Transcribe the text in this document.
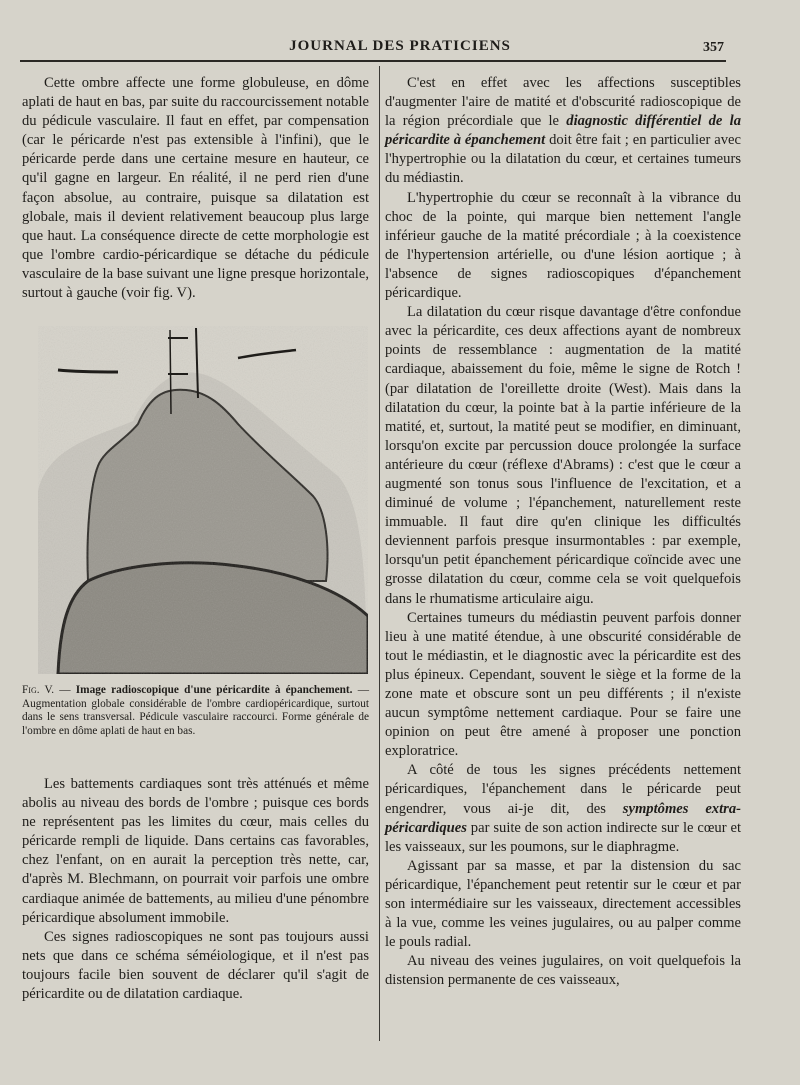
JOURNAL DES PRATICIENS	357

Cette ombre affecte une forme globuleuse, en dôme aplati de haut en bas, par suite du raccourcissement notable du pédicule vasculaire. Il faut en effet, par compensation (car le péricarde n'est pas extensible à l'infini), que le péricarde perde dans une certaine mesure en hauteur, ce qu'il gagne en largeur. En réalité, il ne perd rien d'une façon absolue, au contraire, puisque sa dilatation est globale, mais il devient relativement beaucoup plus large que haut. La conséquence directe de cette morphologie est que l'ombre cardio-péricardique se détache du pédicule vasculaire de la base suivant une ligne presque horizontale, surtout à gauche (voir fig. V).

Fig. V. — Image radioscopique d'une péricardite à épanchement. — Augmentation globale considérable de l'ombre cardiopéricardique, surtout dans le sens transversal. Pédicule vasculaire raccourci. Forme générale de l'ombre en dôme aplati de haut en bas.

Les battements cardiaques sont très atténués et même abolis au niveau des bords de l'ombre ; puisque ces bords ne représentent pas les limites du cœur, mais celles du péricarde rempli de liquide. Dans certains cas favorables, chez l'enfant, on en aurait la perception très nette, car, d'après M. Blechmann, on pourrait voir parfois une ombre cardiaque animée de battements, au milieu d'une pénombre péricardique absolument immobile.

Ces signes radioscopiques ne sont pas toujours aussi nets que dans ce schéma séméiologique, et il n'est pas toujours facile bien souvent de déclarer qu'il s'agit de péricardite ou de dilatation cardiaque.

C'est en effet avec les affections susceptibles d'augmenter l'aire de matité et d'obscurité radioscopique de la région précordiale que le diagnostic différentiel de la péricardite à épanchement doit être fait ; en particulier avec l'hypertrophie ou la dilatation du cœur, et certaines tumeurs du médiastin.

L'hypertrophie du cœur se reconnaît à la vibrance du choc de la pointe, qui marque bien nettement l'angle inférieur gauche de la matité précordiale ; à la coexistence de l'hypertension artérielle, ou d'une lésion aortique ; à l'absence de signes radioscopiques d'épanchement péricardique.

La dilatation du cœur risque davantage d'être confondue avec la péricardite, ces deux affections ayant de nombreux points de ressemblance : augmentation de la matité cardiaque, abaissement du foie, même le signe de Rotch ! (par dilatation de l'oreillette droite (West). Mais dans la dilatation du cœur, la pointe bat à la partie inférieure de la matité, et, surtout, la matité peut se modifier, en diminuant, lorsqu'on excite par percussion douce prolongée la surface antérieure du cœur (réflexe d'Abrams) : c'est que le cœur a augmenté son tonus sous l'influence de l'excitation, et a diminué de volume ; l'épanchement, naturellement reste immuable. Il faut dire qu'en clinique les difficultés deviennent parfois presque insurmontables : par exemple, lorsqu'un petit épanchement péricardique coïncide avec une grosse dilatation du cœur, comme cela se voit quelquefois dans le rhumatisme articulaire aigu.

Certaines tumeurs du médiastin peuvent parfois donner lieu à une matité étendue, à une obscurité considérable de tout le médiastin, et le diagnostic avec la péricardite est des plus épineux. Cependant, souvent le siège et la forme de la zone mate et obscure sont un peu différents ; il n'existe aucun symptôme nettement cardiaque. Pour se faire une opinion on peut être amené à proposer une ponction exploratrice.

A côté de tous les signes précédents nettement péricardiques, l'épanchement dans le péricarde peut engendrer, vous ai-je dit, des symptômes extra-péricardiques par suite de son action indirecte sur le cœur et les vaisseaux, sur les poumons, sur le diaphragme.

Agissant par sa masse, et par la distension du sac péricardique, l'épanchement peut retentir sur le cœur et par son intermédiaire sur les vaisseaux, directement accessibles à la vue, comme les veines jugulaires, ou au palper comme le pouls radial.

Au niveau des veines jugulaires, on voit quelquefois la distension permanente de ces vaisseaux,
